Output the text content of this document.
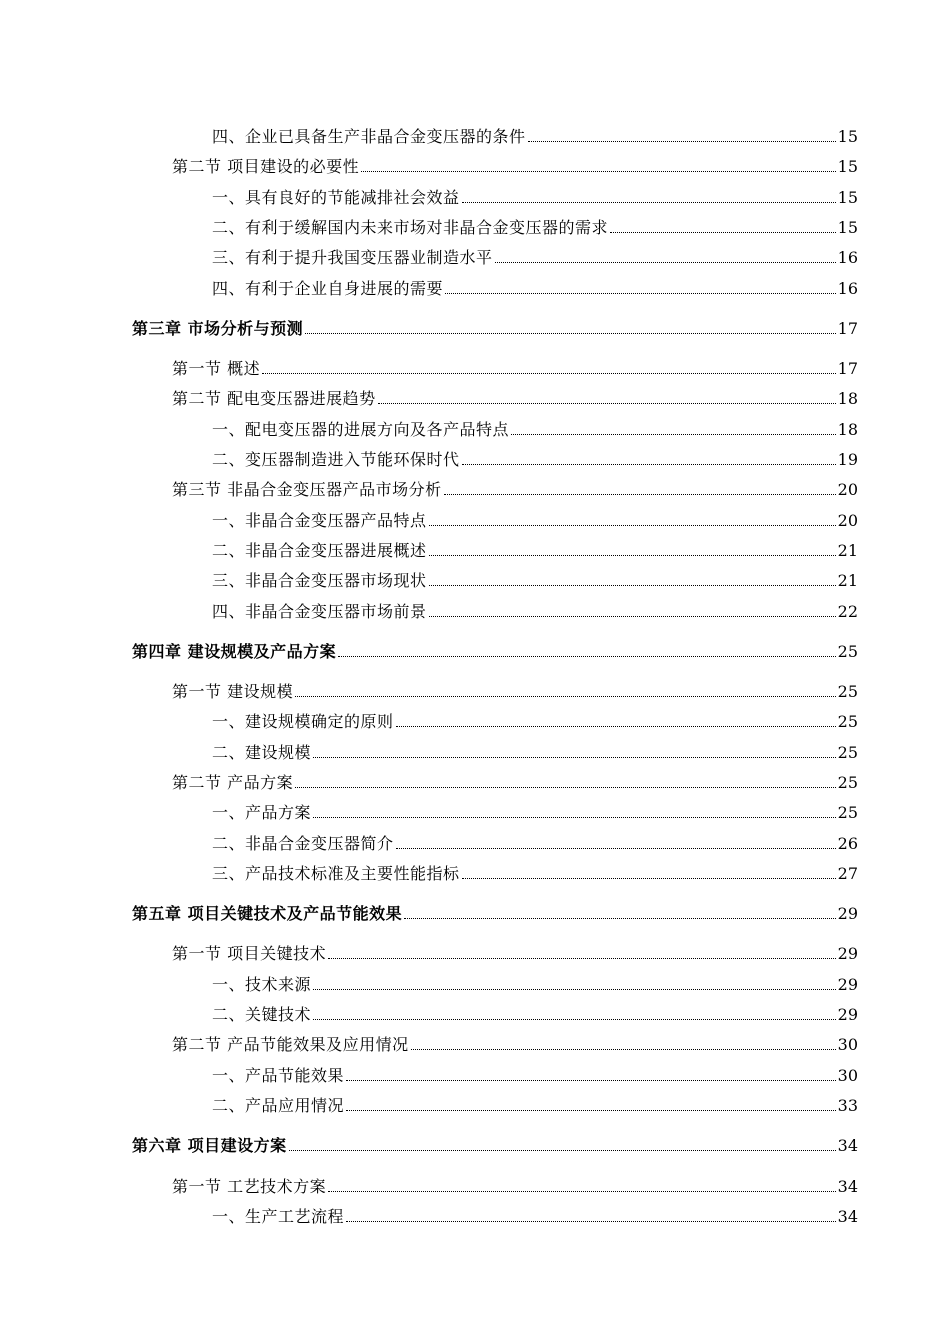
四、企业已具备生产非晶合金变压器的条件	15
第二节 项目建设的必要性	15
一、具有良好的节能减排社会效益	15
二、有利于缓解国内未来市场对非晶合金变压器的需求	15
三、有利于提升我国变压器业制造水平	16
四、有利于企业自身进展的需要	16
第三章 市场分析与预测	17
第一节 概述	17
第二节 配电变压器进展趋势	18
一、配电变压器的进展方向及各产品特点	18
二、变压器制造进入节能环保时代	19
第三节 非晶合金变压器产品市场分析	20
一、非晶合金变压器产品特点	20
二、非晶合金变压器进展概述	21
三、非晶合金变压器市场现状	21
四、非晶合金变压器市场前景	22
第四章 建设规模及产品方案	25
第一节 建设规模	25
一、建设规模确定的原则	25
二、建设规模	25
第二节 产品方案	25
一、产品方案	25
二、非晶合金变压器简介	26
三、产品技术标准及主要性能指标	27
第五章 项目关键技术及产品节能效果	29
第一节 项目关键技术	29
一、技术来源	29
二、关键技术	29
第二节 产品节能效果及应用情况	30
一、产品节能效果	30
二、产品应用情况	33
第六章 项目建设方案	34
第一节 工艺技术方案	34
一、生产工艺流程	34
